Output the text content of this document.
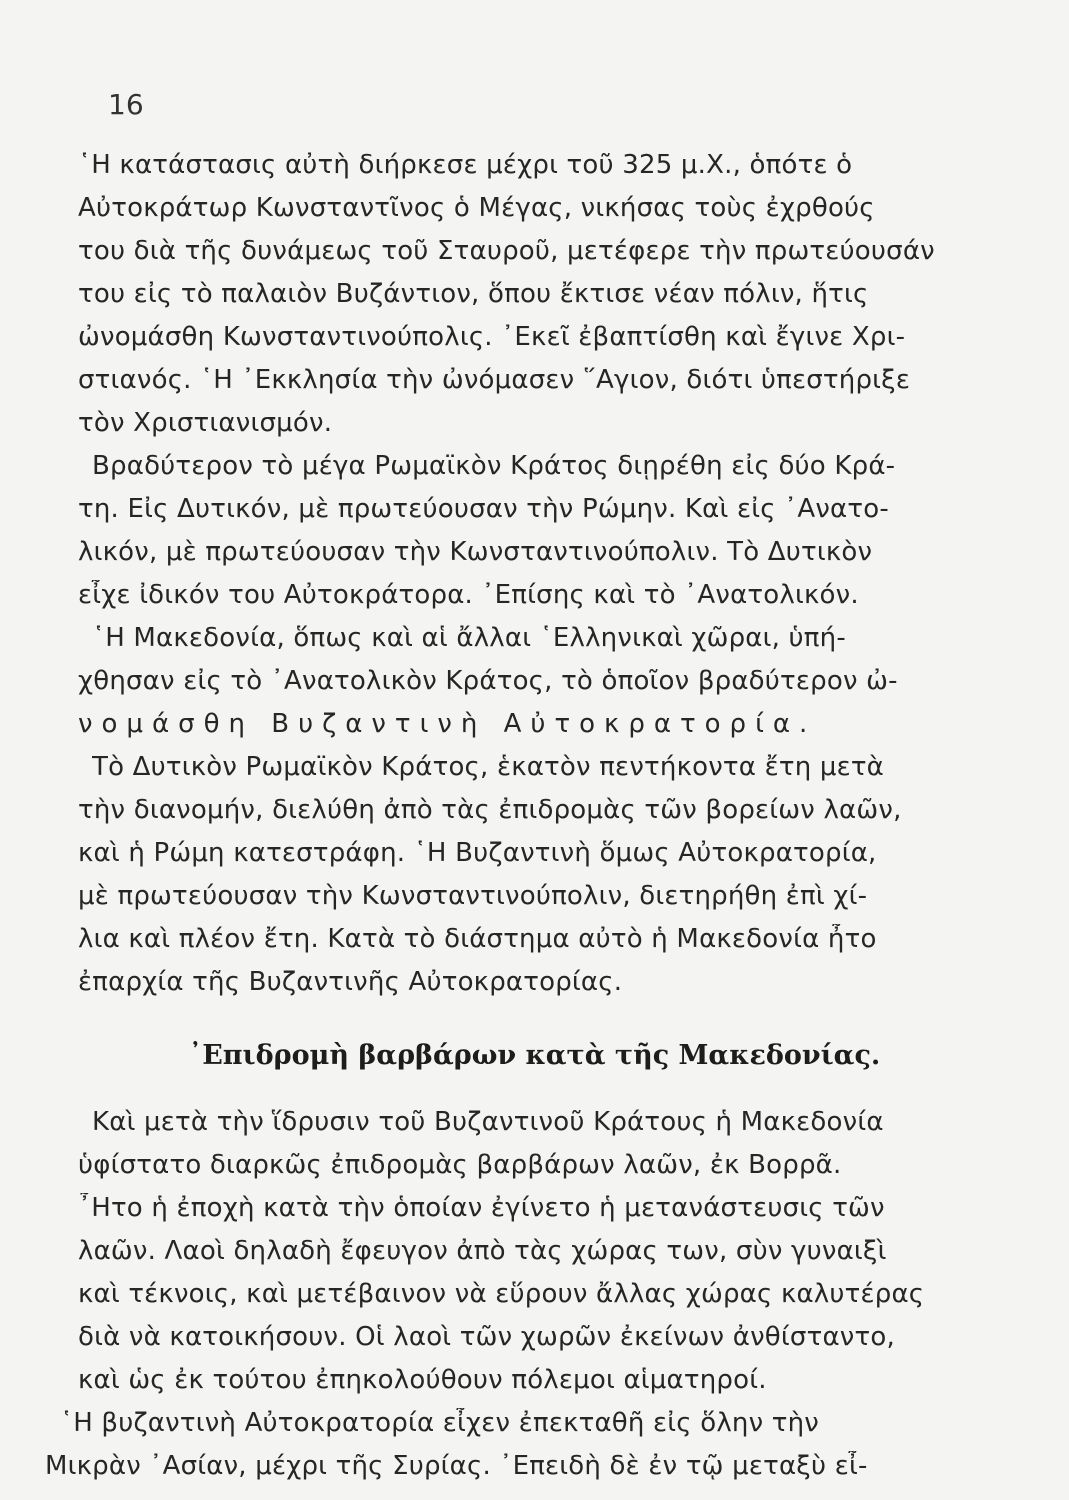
16
῾Η κατάστασις αὐτὴ διήρκεσε μέχρι τοῦ 325 μ.Χ., ὁπότε ὁ
Αὐτοκράτωρ Κωνσταντῖνος ὁ Μέγας, νικήσας τοὺς ἐχρθούς
του διὰ τῆς δυνάμεως τοῦ Σταυροῦ, μετέφερε τὴν πρωτεύουσάν
του εἰς τὸ παλαιὸν Βυζάντιον, ὅπου ἔκτισε νέαν πόλιν, ἥτις
ὠνομάσθη Κωνσταντινούπολις. ᾿Εκεῖ ἐβαπτίσθη καὶ ἔγινε Χρι-
στιανός. ῾Η ᾿Εκκλησία τὴν ὠνόμασεν ῞Αγιον, διότι ὑπεστήριξε
τὸν Χριστιανισμόν.
Βραδύτερον τὸ μέγα Ρωμαϊκὸν Κράτος διῃρέθη εἰς δύο Κρά-
τη. Εἰς Δυτικόν, μὲ πρωτεύουσαν τὴν Ρώμην. Καὶ εἰς ᾿Ανατο-
λικόν, μὲ πρωτεύουσαν τὴν Κωνσταντινούπολιν. Τὸ Δυτικὸν
εἶχε ἰδικόν του Αὐτοκράτορα. ᾿Επίσης καὶ τὸ ᾿Ανατολικόν.
῾Η Μακεδονία, ὅπως καὶ αἱ ἄλλαι ῾Ελληνικαὶ χῶραι, ὑπή-
χθησαν εἰς τὸ ᾿Ανατολικὸν Κράτος, τὸ ὁποῖον βραδύτερον ὠ-
νομάσθη Βυζαντινὴ Αὐτοκρατορία.
Τὸ Δυτικὸν Ρωμαϊκὸν Κράτος, ἑκατὸν πεντήκοντα ἔτη μετὰ
τὴν διανομήν, διελύθη ἀπὸ τὰς ἐπιδρομὰς τῶν βορείων λαῶν,
καὶ ἡ Ρώμη κατεστράφη. ῾Η Βυζαντινὴ ὅμως Αὐτοκρατορία,
μὲ πρωτεύουσαν τὴν Κωνσταντινούπολιν, διετηρήθη ἐπὶ χί-
λια καὶ πλέον ἔτη. Κατὰ τὸ διάστημα αὐτὸ ἡ Μακεδονία ἦτο
ἐπαρχία τῆς Βυζαντινῆς Αὐτοκρατορίας.
᾿Επιδρομὴ βαρβάρων κατὰ τῆς Μακεδονίας.
Καὶ μετὰ τὴν ἵδρυσιν τοῦ Βυζαντινοῦ Κράτους ἡ Μακεδονία
ὑφίστατο διαρκῶς ἐπιδρομὰς βαρβάρων λαῶν, ἐκ Βορρᾶ.
῏Ητο ἡ ἐποχὴ κατὰ τὴν ὁποίαν ἐγίνετο ἡ μετανάστευσις τῶν
λαῶν. Λαοὶ δηλαδὴ ἔφευγον ἀπὸ τὰς χώρας των, σὺν γυναιξὶ
καὶ τέκνοις, καὶ μετέβαινον νὰ εὕρουν ἄλλας χώρας καλυτέρας
διὰ νὰ κατοικήσουν. Οἱ λαοὶ τῶν χωρῶν ἐκείνων ἀνθίσταντο,
καὶ ὡς ἐκ τούτου ἐπηκολούθουν πόλεμοι αἱματηροί.
῾Η βυζαντινὴ Αὐτοκρατορία εἶχεν ἐπεκταθῆ εἰς ὅλην τὴν
Μικρὰν ᾿Ασίαν, μέχρι τῆς Συρίας. ᾿Επειδὴ δὲ ἐν τῷ μεταξὺ εἶ-
